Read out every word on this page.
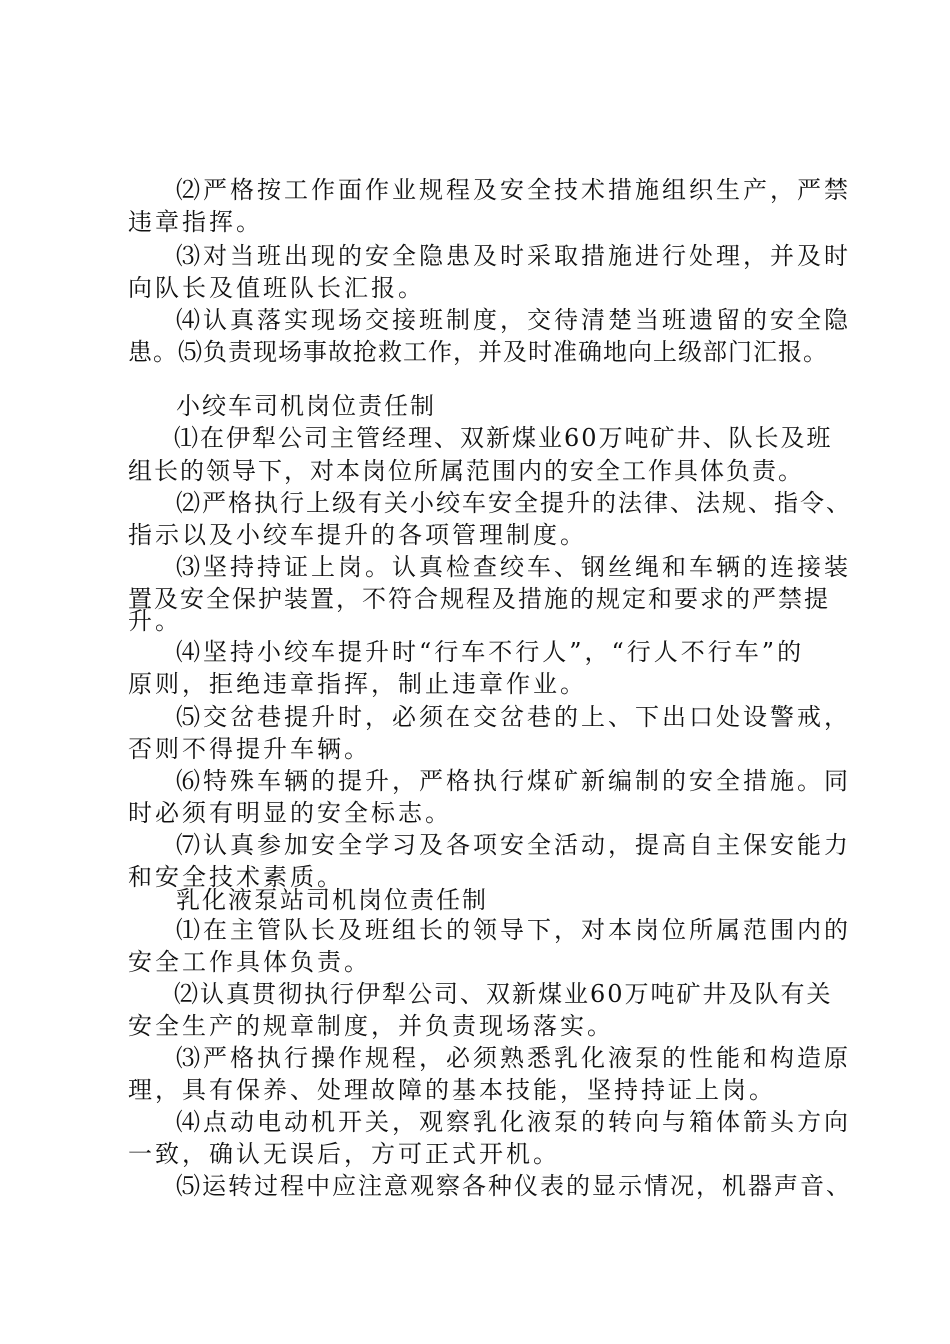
⑵严格按工作面作业规程及安全技术措施组织生产，严禁
违章指挥。
⑶对当班出现的安全隐患及时采取措施进行处理，并及时
向队长及值班队长汇报。
⑷认真落实现场交接班制度，交待清楚当班遗留的安全隐
患。⑸负责现场事故抢救工作，并及时准确地向上级部门汇报。
小绞车司机岗位责任制
⑴在伊犁公司主管经理、双新煤业60万吨矿井、队长及班
组长的领导下，对本岗位所属范围内的安全工作具体负责。
⑵严格执行上级有关小绞车安全提升的法律、法规、指令、
指示以及小绞车提升的各项管理制度。
⑶坚持持证上岗。认真检查绞车、钢丝绳和车辆的连接装
置及安全保护装置，不符合规程及措施的规定和要求的严禁提
升。
⑷坚持小绞车提升时“行车不行人”，“行人不行车”的
原则，拒绝违章指挥，制止违章作业。
⑸交岔巷提升时，必须在交岔巷的上、下出口处设警戒，
否则不得提升车辆。
⑹特殊车辆的提升，严格执行煤矿新编制的安全措施。同
时必须有明显的安全标志。
⑺认真参加安全学习及各项安全活动，提高自主保安能力
和安全技术素质。
乳化液泵站司机岗位责任制
⑴在主管队长及班组长的领导下，对本岗位所属范围内的
安全工作具体负责。
⑵认真贯彻执行伊犁公司、双新煤业60万吨矿井及队有关
安全生产的规章制度，并负责现场落实。
⑶严格执行操作规程，必须熟悉乳化液泵的性能和构造原
理，具有保养、处理故障的基本技能，坚持持证上岗。
⑷点动电动机开关，观察乳化液泵的转向与箱体箭头方向
一致，确认无误后，方可正式开机。
⑸运转过程中应注意观察各种仪表的显示情况，机器声音、
